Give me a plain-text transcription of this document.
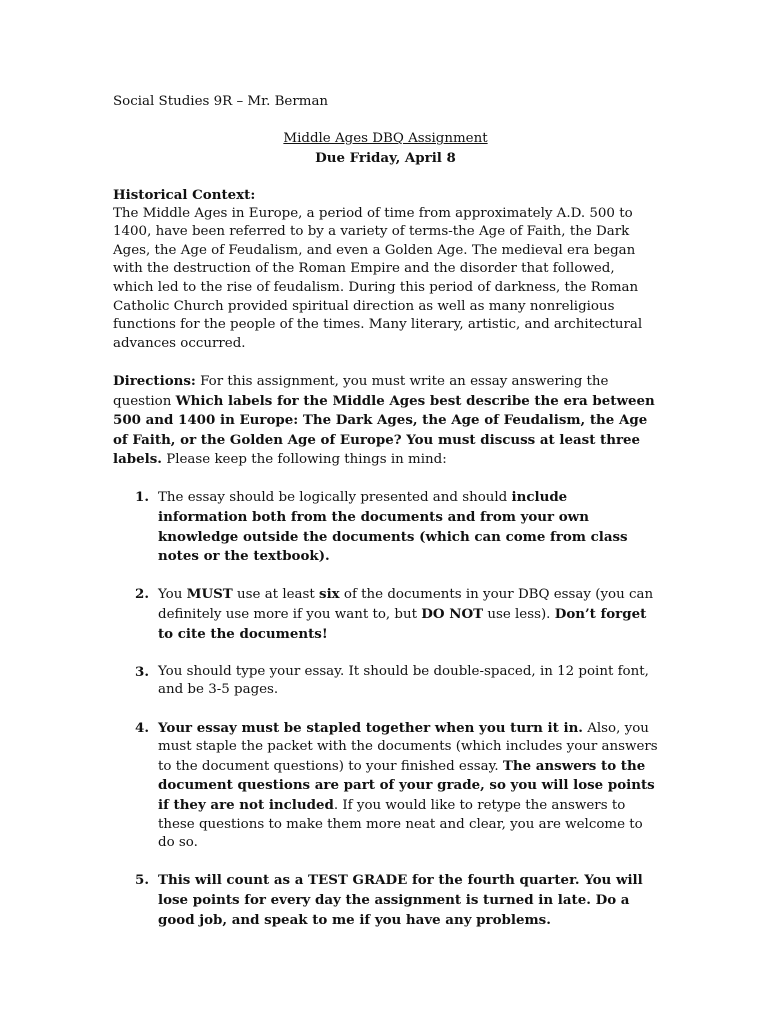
Social Studies 9R – Mr. Berman

Middle Ages DBQ Assignment

Due Friday, April 8

Historical Context:

The Middle Ages in Europe, a period of time from approximately A.D. 500 to 1400, have been referred to by a variety of terms-the Age of Faith, the Dark Ages, the Age of Feudalism, and even a Golden Age. The medieval era began with the destruction of the Roman Empire and the disorder that followed, which led to the rise of feudalism. During this period of darkness, the Roman Catholic Church provided spiritual direction as well as many nonreligious functions for the people of the times. Many literary, artistic, and architectural advances occurred.

Directions: For this assignment, you must write an essay answering the question Which labels for the Middle Ages best describe the era between 500 and 1400 in Europe: The Dark Ages, the Age of Feudalism, the Age of Faith, or the Golden Age of Europe? You must discuss at least three labels. Please keep the following things in mind:

1. The essay should be logically presented and should include information both from the documents and from your own knowledge outside the documents (which can come from class notes or the textbook).
2. You MUST use at least six of the documents in your DBQ essay (you can definitely use more if you want to, but DO NOT use less). Don’t forget to cite the documents!
3. You should type your essay. It should be double-spaced, in 12 point font, and be 3-5 pages.
4. Your essay must be stapled together when you turn it in. Also, you must staple the packet with the documents (which includes your answers to the document questions) to your finished essay. The answers to the document questions are part of your grade, so you will lose points if they are not included. If you would like to retype the answers to these questions to make them more neat and clear, you are welcome to do so.
5. This will count as a TEST GRADE for the fourth quarter. You will lose points for every day the assignment is turned in late. Do a good job, and speak to me if you have any problems.
